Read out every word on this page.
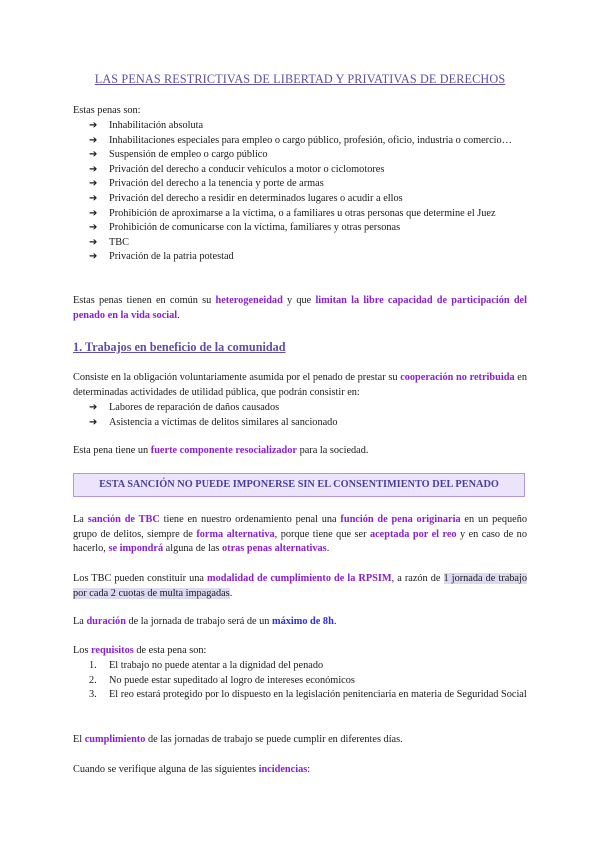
LAS PENAS RESTRICTIVAS DE LIBERTAD Y PRIVATIVAS DE DERECHOS
Estas penas son:
➔ Inhabilitación absoluta
➔ Inhabilitaciones especiales para empleo o cargo público, profesión, oficio, industria o comercio…
➔ Suspensión de empleo o cargo público
➔ Privación del derecho a conducir vehículos a motor o ciclomotores
➔ Privación del derecho a la tenencia y porte de armas
➔ Privación del derecho a residir en determinados lugares o acudir a ellos
➔ Prohibición de aproximarse a la víctima, o a familiares u otras personas que determine el Juez
➔ Prohibición de comunicarse con la víctima, familiares y otras personas
➔ TBC
➔ Privación de la patria potestad
Estas penas tienen en común su heterogeneidad y que limitan la libre capacidad de participación del penado en la vida social.
1. Trabajos en beneficio de la comunidad
Consiste en la obligación voluntariamente asumida por el penado de prestar su cooperación no retribuida en determinadas actividades de utilidad pública, que podrán consistir en:
➔ Labores de reparación de daños causados
➔ Asistencia a víctimas de delitos similares al sancionado
Esta pena tiene un fuerte componente resocializador para la sociedad.
ESTA SANCIÓN NO PUEDE IMPONERSE SIN EL CONSENTIMIENTO DEL PENADO
La sanción de TBC tiene en nuestro ordenamiento penal una función de pena originaria en un pequeño grupo de delitos, siempre de forma alternativa, porque tiene que ser aceptada por el reo y en caso de no hacerlo, se impondrá alguna de las otras penas alternativas.
Los TBC pueden constituir una modalidad de cumplimiento de la RPSIM, a razón de 1 jornada de trabajo por cada 2 cuotas de multa impagadas.
La duración de la jornada de trabajo será de un máximo de 8h.
Los requisitos de esta pena son:
1. El trabajo no puede atentar a la dignidad del penado
2. No puede estar supeditado al logro de intereses económicos
3. El reo estará protegido por lo dispuesto en la legislación penitenciaria en materia de Seguridad Social
El cumplimiento de las jornadas de trabajo se puede cumplir en diferentes días.
Cuando se verifique alguna de las siguientes incidencias:
